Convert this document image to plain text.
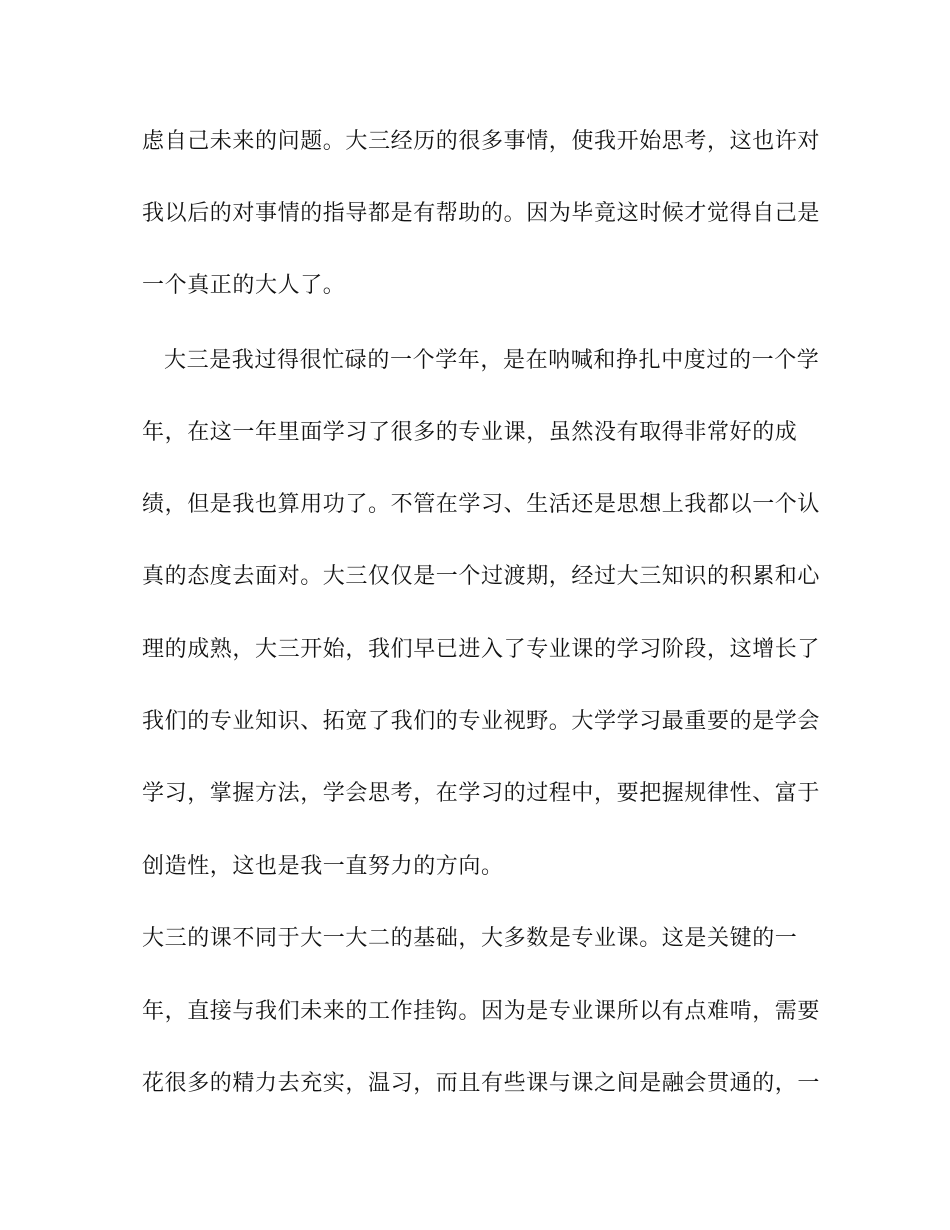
虑自己未来的问题。大三经历的很多事情，使我开始思考，这也许对
我以后的对事情的指导都是有帮助的。因为毕竟这时候才觉得自己是
一个真正的大人了。
大三是我过得很忙碌的一个学年，是在呐喊和挣扎中度过的一个学
年，在这一年里面学习了很多的专业课，虽然没有取得非常好的成
绩，但是我也算用功了。不管在学习、生活还是思想上我都以一个认
真的态度去面对。大三仅仅是一个过渡期，经过大三知识的积累和心
理的成熟，大三开始，我们早已进入了专业课的学习阶段，这增长了
我们的专业知识、拓宽了我们的专业视野。大学学习最重要的是学会
学习，掌握方法，学会思考，在学习的过程中，要把握规律性、富于
创造性，这也是我一直努力的方向。
大三的课不同于大一大二的基础，大多数是专业课。这是关键的一
年，直接与我们未来的工作挂钩。因为是专业课所以有点难啃，需要
花很多的精力去充实，温习，而且有些课与课之间是融会贯通的，一
